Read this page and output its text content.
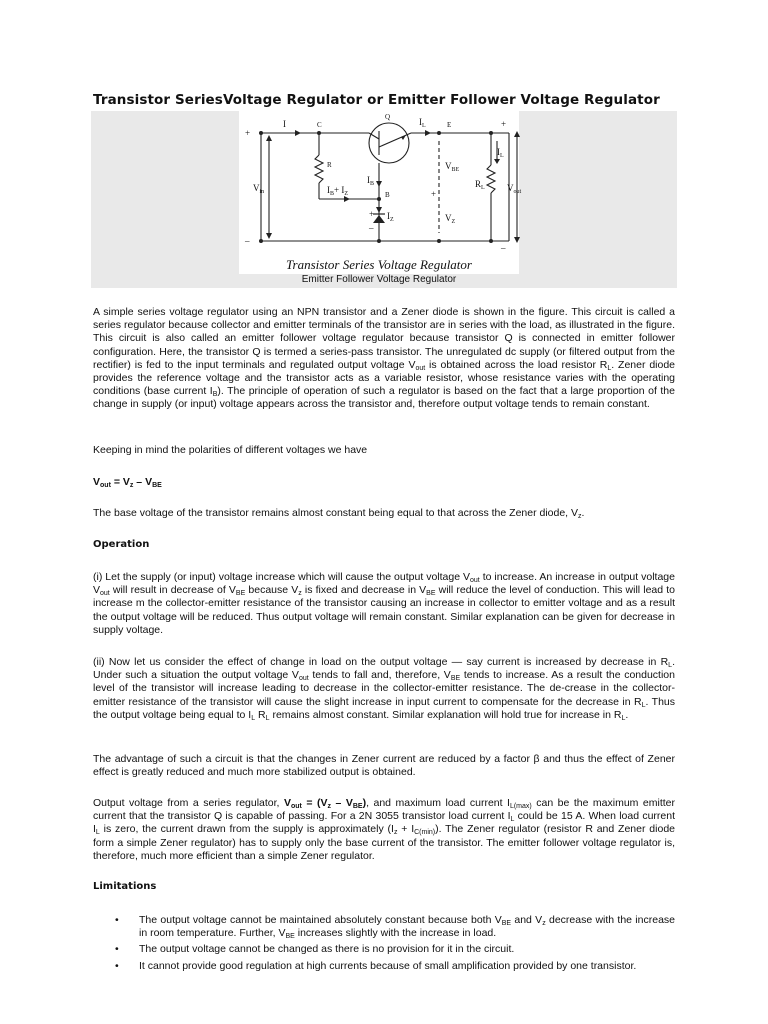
Transistor SeriesVoltage Regulator or Emitter Follower Voltage Regulator
+
–
+
–
I	C
Q	$I_L$	E
$I_L$
R
$V_{in}$
$I_B$
$I_B+ I_Z$	B
$V_{BE}$
$R_L$ $V_{out}$
$I_Z$	$V_Z$
+
–
+
Transistor Series Voltage Regulator
Emitter Follower Voltage Regulator
A simple series voltage regulator using an NPN transistor and a Zener diode is shown in the figure. This circuit is called a series regulator because collector and emitter terminals of the transistor are in series with the load, as illustrated in the figure. This circuit is also called an emitter follower voltage regulator because transistor Q is connected in emitter follower configuration. Here, the transistor Q is termed a series-pass transistor. The unregulated dc supply (or filtered output from the rectifier) is fed to the input terminals and regulated output voltage $V_{out}$ is obtained across the load resistor $R_L$. Zener diode provides the reference voltage and the transistor acts as a variable resistor, whose resistance varies with the operating conditions (base current $I_B$). The principle of operation of such a regulator is based on the fact that a large proportion of the change in supply (or input) voltage appears across the transistor and, therefore output voltage tends to remain constant.
Keeping in mind the polarities of different voltages we have
$V_{out} = V_z - V_{BE}$
The base voltage of the transistor remains almost constant being equal to that across the Zener diode, $V_z$.
Operation
(i) Let the supply (or input) voltage increase which will cause the output voltage $V_{out}$ to increase. An increase in output voltage $V_{out}$ will result in decrease of $V_{BE}$ because $V_z$ is fixed and decrease in $V_{BE}$ will reduce the level of conduction. This will lead to increase m the collector-emitter resistance of the transistor causing an increase in collector to emitter voltage and as a result the output voltage will be reduced. Thus output voltage will remain constant. Similar explanation can be given for decrease in supply voltage.
(ii) Now let us consider the effect of change in load on the output voltage — say current is increased by decrease in $R_L$. Under such a situation the output voltage $V_{out}$ tends to fall and, therefore, $V_{BE}$ tends to increase. As a result the conduction level of the transistor will increase leading to decrease in the collector-emitter resistance. The de-crease in the collector-emitter resistance of the transistor will cause the slight increase in input current to compensate for the decrease in $R_L$. Thus the output voltage being equal to $I_L$ $R_L$ remains almost constant. Similar explanation will hold true for increase in $R_L$.
The advantage of such a circuit is that the changes in Zener current are reduced by a factor β and thus the effect of Zener effect is greatly reduced and much more stabilized output is obtained.
Output voltage from a series regulator, $V_{out} = (V_z - V_{BE})$, and maximum load current $I_{L(max)}$ can be the maximum emitter current that the transistor Q is capable of passing. For a 2N 3055 transistor load current $I_L$ could be 15 A. When load current $I_L$ is zero, the current drawn from the supply is approximately $(I_z + I_{C(min)})$. The Zener regulator (resistor R and Zener diode form a simple Zener regulator) has to supply only the base current of the transistor. The emitter follower voltage regulator is, therefore, much more efficient than a simple Zener regulator.
Limitations
• The output voltage cannot be maintained absolutely constant because both $V_{BE}$ and $V_z$ decrease with the increase in room temperature. Further, $V_{BE}$ increases slightly with the increase in load.
• The output voltage cannot be changed as there is no provision for it in the circuit.
• It cannot provide good regulation at high currents because of small amplification provided by one transistor.
